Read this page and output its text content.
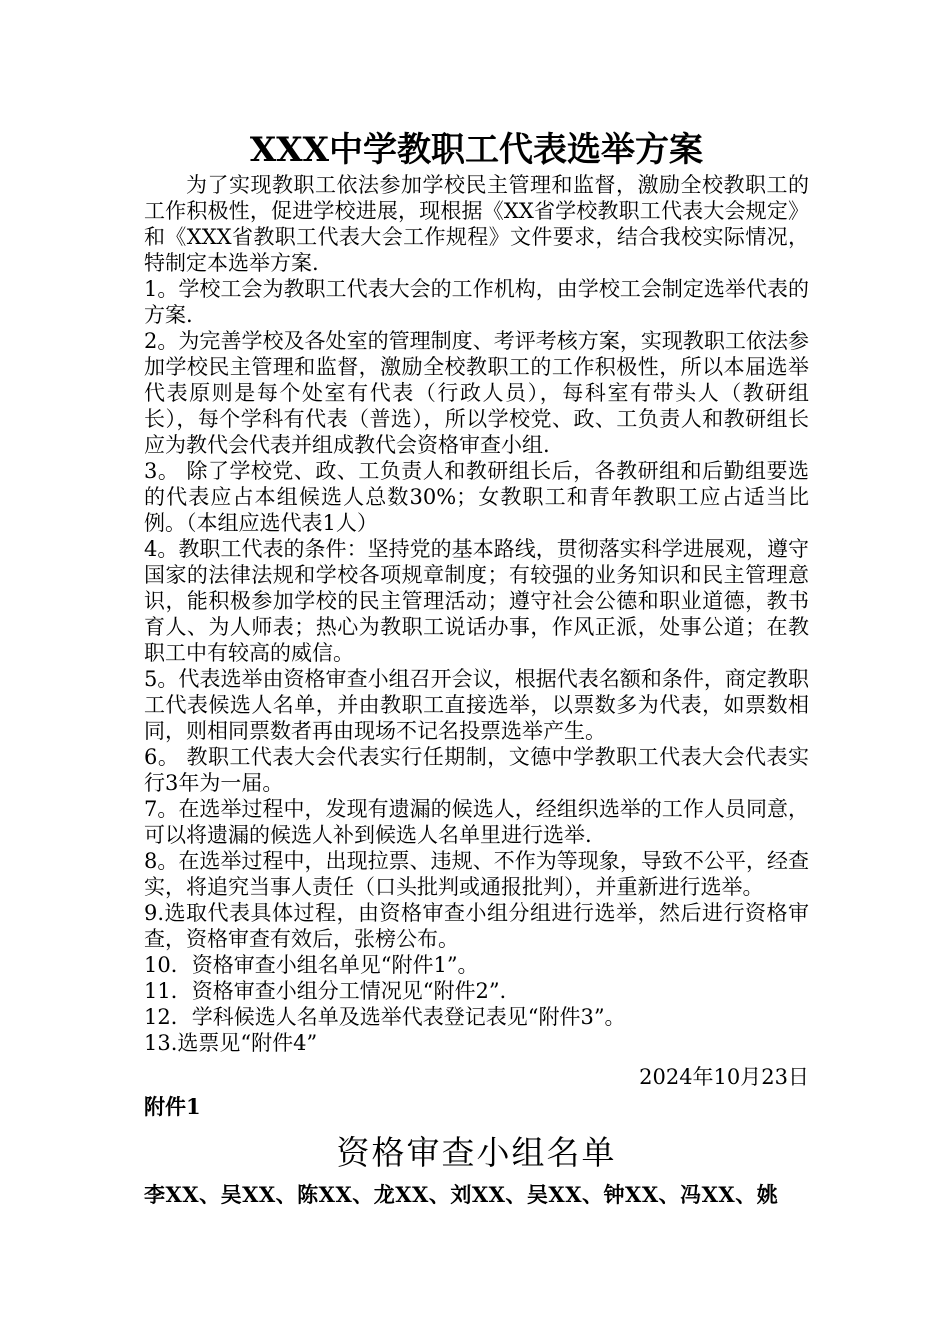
XXX中学教职工代表选举方案

为了实现教职工依法参加学校民主管理和监督，激励全校教职工的工作积极性，促进学校进展，现根据《XX省学校教职工代表大会规定》和《XXX省教职工代表大会工作规程》文件要求，结合我校实际情况，特制定本选举方案.

1。学校工会为教职工代表大会的工作机构，由学校工会制定选举代表的方案.

2。为完善学校及各处室的管理制度、考评考核方案，实现教职工依法参加学校民主管理和监督，激励全校教职工的工作积极性，所以本届选举代表原则是每个处室有代表（行政人员），每科室有带头人（教研组长），每个学科有代表（普选），所以学校党、政、工负责人和教研组长应为教代会代表并组成教代会资格审查小组.

3。 除了学校党、政、工负责人和教研组长后，各教研组和后勤组要选的代表应占本组候选人总数30%；女教职工和青年教职工应占适当比例。（本组应选代表1人）

4。教职工代表的条件：坚持党的基本路线，贯彻落实科学进展观，遵守国家的法律法规和学校各项规章制度；有较强的业务知识和民主管理意识，能积极参加学校的民主管理活动；遵守社会公德和职业道德，教书育人、为人师表；热心为教职工说话办事，作风正派，处事公道；在教职工中有较高的威信。

5。代表选举由资格审查小组召开会议，根据代表名额和条件，商定教职工代表候选人名单，并由教职工直接选举，以票数多为代表，如票数相同，则相同票数者再由现场不记名投票选举产生。

6。 教职工代表大会代表实行任期制，文德中学教职工代表大会代表实行3年为一届。

7。在选举过程中，发现有遗漏的候选人，经组织选举的工作人员同意，可以将遗漏的候选人补到候选人名单里进行选举.

8。在选举过程中，出现拉票、违规、不作为等现象，导致不公平，经查实，将追究当事人责任（口头批判或通报批判），并重新进行选举。

9.选取代表具体过程，由资格审查小组分组进行选举，然后进行资格审查，资格审查有效后，张榜公布。

10．资格审查小组名单见“附件1”。

11．资格审查小组分工情况见“附件2”.

12．学科候选人名单及选举代表登记表见“附件3”。

13.选票见“附件4”

2024年10月23日
附件1
资格审查小组名单
李XX、吴XX、陈XX、龙XX、刘XX、吴XX、钟XX、冯XX、姚
